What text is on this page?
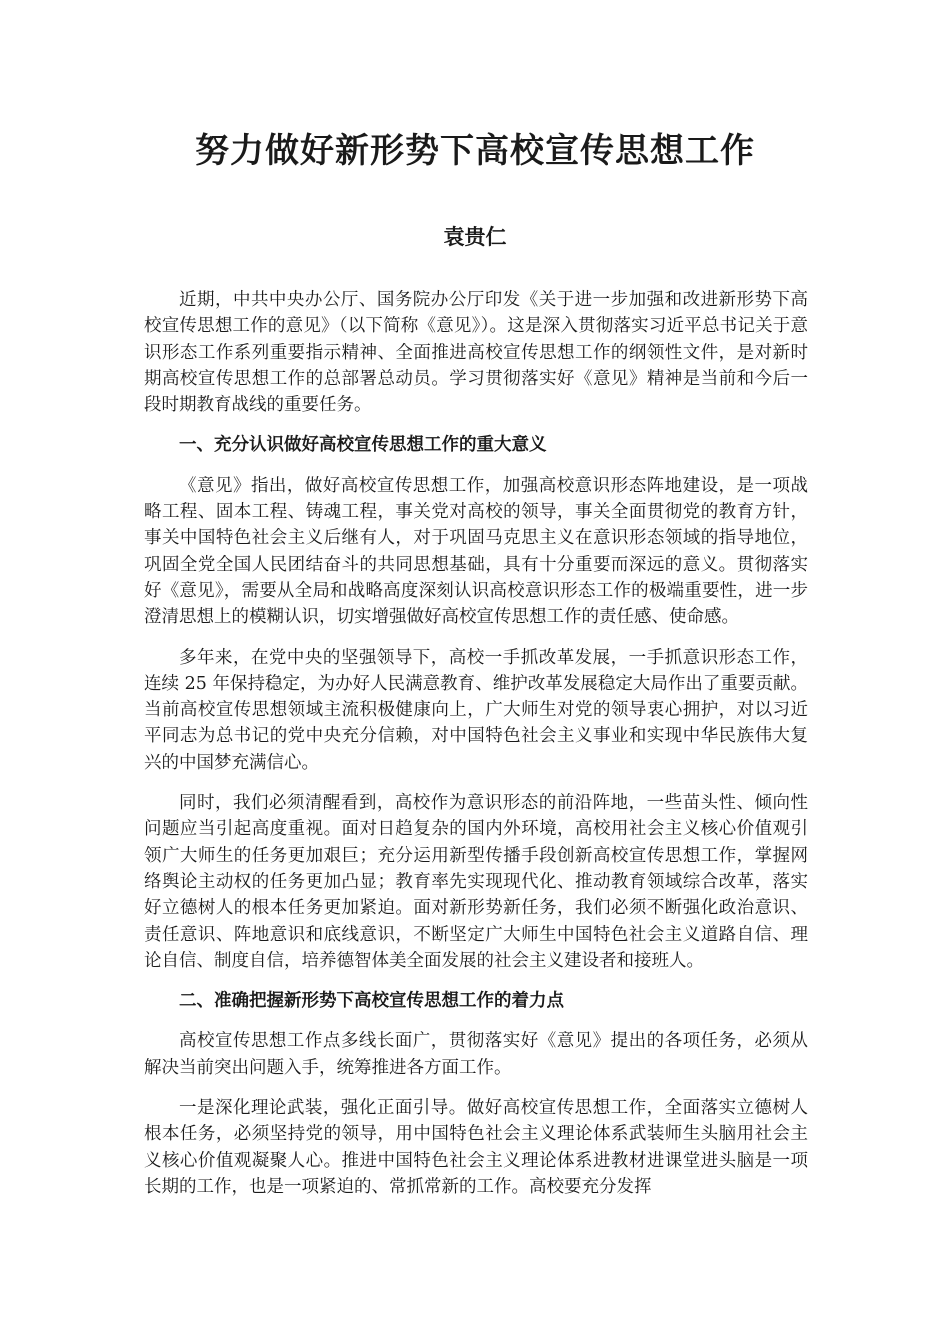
努力做好新形势下高校宣传思想工作
袁贵仁

近期，中共中央办公厅、国务院办公厅印发《关于进一步加强和改进新形势下高校宣传思想工作的意见》（以下简称《意见》）。这是深入贯彻落实习近平总书记关于意识形态工作系列重要指示精神、全面推进高校宣传思想工作的纲领性文件，是对新时期高校宣传思想工作的总部署总动员。学习贯彻落实好《意见》精神是当前和今后一段时期教育战线的重要任务。

一、充分认识做好高校宣传思想工作的重大意义

《意见》指出，做好高校宣传思想工作，加强高校意识形态阵地建设，是一项战略工程、固本工程、铸魂工程，事关党对高校的领导，事关全面贯彻党的教育方针，事关中国特色社会主义后继有人，对于巩固马克思主义在意识形态领域的指导地位，巩固全党全国人民团结奋斗的共同思想基础，具有十分重要而深远的意义。贯彻落实好《意见》，需要从全局和战略高度深刻认识高校意识形态工作的极端重要性，进一步澄清思想上的模糊认识，切实增强做好高校宣传思想工作的责任感、使命感。

多年来，在党中央的坚强领导下，高校一手抓改革发展，一手抓意识形态工作，连续 25 年保持稳定，为办好人民满意教育、维护改革发展稳定大局作出了重要贡献。当前高校宣传思想领域主流积极健康向上，广大师生对党的领导衷心拥护，对以习近平同志为总书记的党中央充分信赖，对中国特色社会主义事业和实现中华民族伟大复兴的中国梦充满信心。

同时，我们必须清醒看到，高校作为意识形态的前沿阵地，一些苗头性、倾向性问题应当引起高度重视。面对日趋复杂的国内外环境，高校用社会主义核心价值观引领广大师生的任务更加艰巨；充分运用新型传播手段创新高校宣传思想工作，掌握网络舆论主动权的任务更加凸显；教育率先实现现代化、推动教育领域综合改革，落实好立德树人的根本任务更加紧迫。面对新形势新任务，我们必须不断强化政治意识、责任意识、阵地意识和底线意识，不断坚定广大师生中国特色社会主义道路自信、理论自信、制度自信，培养德智体美全面发展的社会主义建设者和接班人。

二、准确把握新形势下高校宣传思想工作的着力点

高校宣传思想工作点多线长面广，贯彻落实好《意见》提出的各项任务，必须从解决当前突出问题入手，统筹推进各方面工作。

一是深化理论武装，强化正面引导。做好高校宣传思想工作，全面落实立德树人根本任务，必须坚持党的领导，用中国特色社会主义理论体系武装师生头脑用社会主义核心价值观凝聚人心。推进中国特色社会主义理论体系进教材进课堂进头脑是一项长期的工作，也是一项紧迫的、常抓常新的工作。高校要充分发挥
